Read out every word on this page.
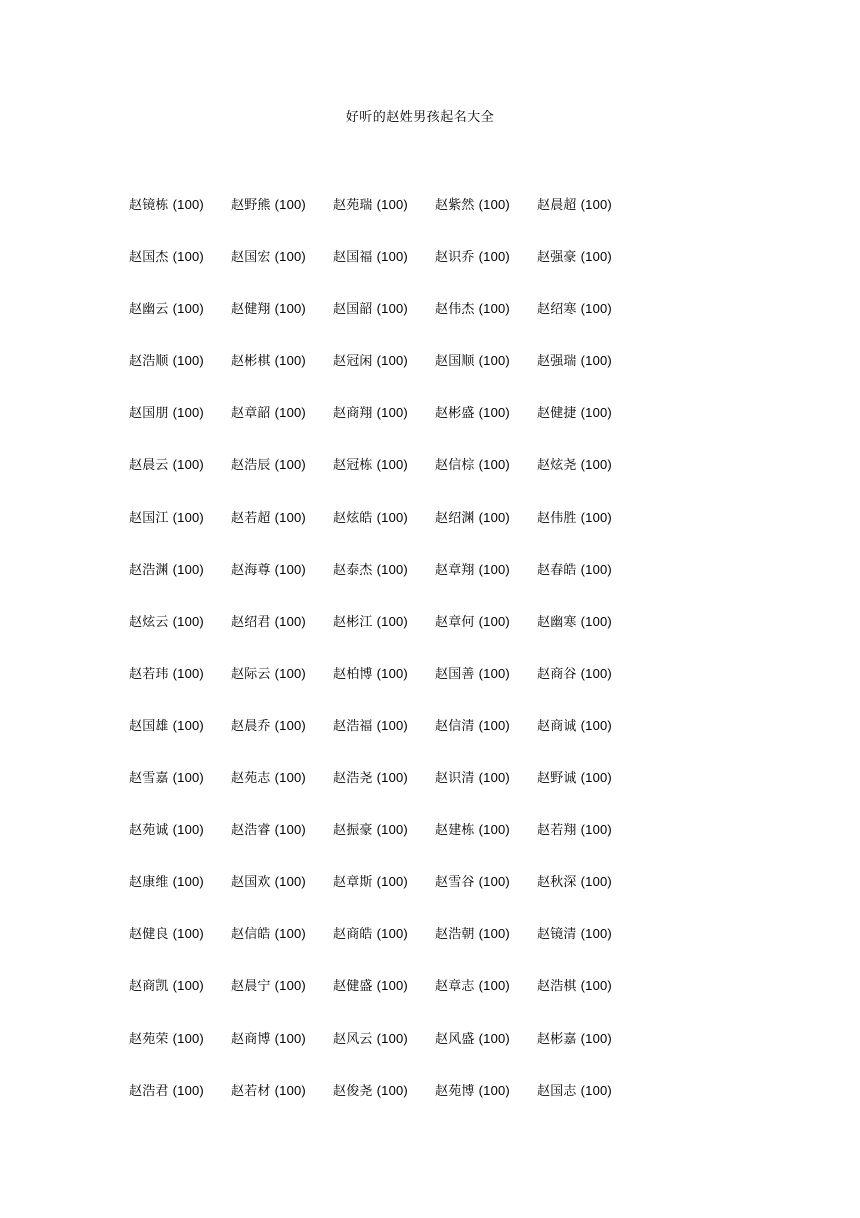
好听的赵姓男孩起名大全
赵镜栋 (100)	赵野熊 (100)	赵苑瑞 (100)	赵紫然 (100)	赵晨超 (100)
赵国杰 (100)	赵国宏 (100)	赵国福 (100)	赵识乔 (100)	赵强豪 (100)
赵幽云 (100)	赵健翔 (100)	赵国韶 (100)	赵伟杰 (100)	赵绍寒 (100)
赵浩顺 (100)	赵彬棋 (100)	赵冠闲 (100)	赵国顺 (100)	赵强瑞 (100)
赵国朋 (100)	赵章韶 (100)	赵商翔 (100)	赵彬盛 (100)	赵健捷 (100)
赵晨云 (100)	赵浩辰 (100)	赵冠栋 (100)	赵信棕 (100)	赵炫尧 (100)
赵国江 (100)	赵若超 (100)	赵炫皓 (100)	赵绍渊 (100)	赵伟胜 (100)
赵浩渊 (100)	赵海尊 (100)	赵泰杰 (100)	赵章翔 (100)	赵春皓 (100)
赵炫云 (100)	赵绍君 (100)	赵彬江 (100)	赵章何 (100)	赵幽寒 (100)
赵若玮 (100)	赵际云 (100)	赵柏博 (100)	赵国善 (100)	赵商谷 (100)
赵国雄 (100)	赵晨乔 (100)	赵浩福 (100)	赵信清 (100)	赵商诚 (100)
赵雪嘉 (100)	赵苑志 (100)	赵浩尧 (100)	赵识清 (100)	赵野诚 (100)
赵苑诚 (100)	赵浩睿 (100)	赵振豪 (100)	赵建栋 (100)	赵若翔 (100)
赵康维 (100)	赵国欢 (100)	赵章斯 (100)	赵雪谷 (100)	赵秋深 (100)
赵健良 (100)	赵信皓 (100)	赵商皓 (100)	赵浩朝 (100)	赵镜清 (100)
赵商凯 (100)	赵晨宁 (100)	赵健盛 (100)	赵章志 (100)	赵浩棋 (100)
赵苑荣 (100)	赵商博 (100)	赵风云 (100)	赵风盛 (100)	赵彬嘉 (100)
赵浩君 (100)	赵若材 (100)	赵俊尧 (100)	赵苑博 (100)	赵国志 (100)
